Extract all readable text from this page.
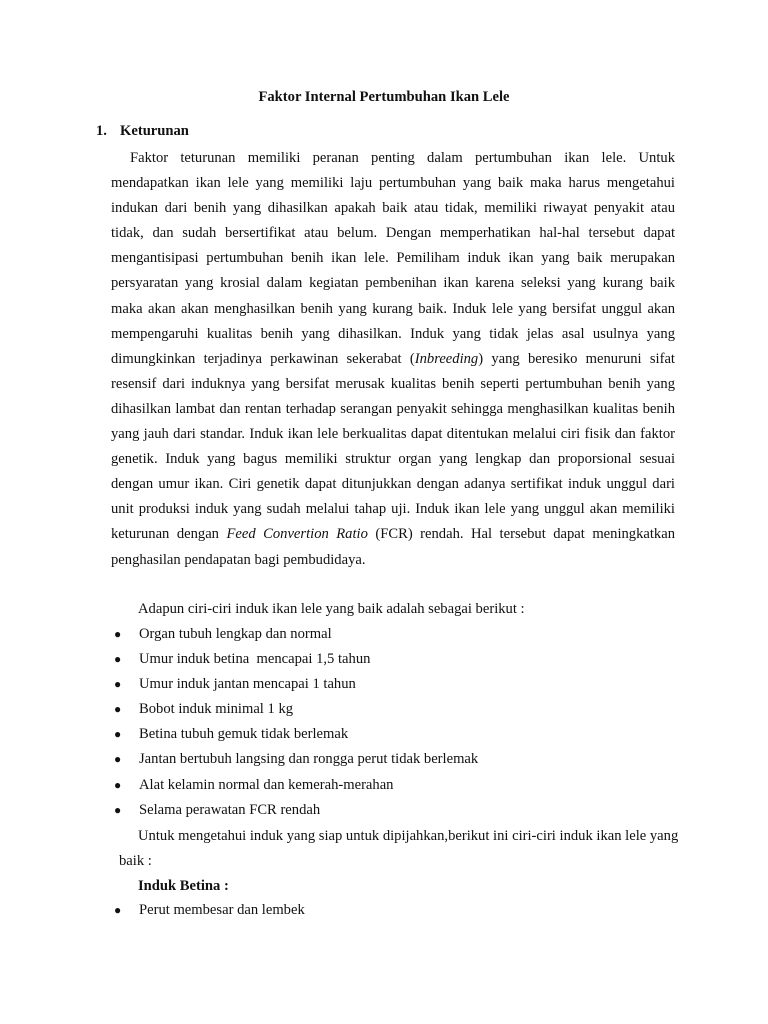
Faktor Internal Pertumbuhan Ikan Lele
1. Keturunan

Faktor teturunan memiliki peranan penting dalam pertumbuhan ikan lele. Untuk mendapatkan ikan lele yang memiliki laju pertumbuhan yang baik maka harus mengetahui indukan dari benih yang dihasilkan apakah baik atau tidak, memiliki riwayat penyakit atau tidak, dan sudah bersertifikat atau belum. Dengan memperhatikan hal-hal tersebut dapat mengantisipasi pertumbuhan benih ikan lele. Pemiliham induk ikan yang baik merupakan persyaratan yang krosial dalam kegiatan pembenihan ikan karena seleksi yang kurang baik maka akan akan menghasilkan benih yang kurang baik. Induk lele yang bersifat unggul akan mempengaruhi kualitas benih yang dihasilkan. Induk yang tidak jelas asal usulnya yang dimungkinkan terjadinya perkawinan sekerabat (Inbreeding) yang beresiko menuruni sifat resensif dari induknya yang bersifat merusak kualitas benih seperti pertumbuhan benih yang dihasilkan lambat dan rentan terhadap serangan penyakit sehingga menghasilkan kualitas benih yang jauh dari standar. Induk ikan lele berkualitas dapat ditentukan melalui ciri fisik dan faktor genetik. Induk yang bagus memiliki struktur organ yang lengkap dan proporsional sesuai dengan umur ikan. Ciri genetik dapat ditunjukkan dengan adanya sertifikat induk unggul dari unit produksi induk yang sudah melalui tahap uji. Induk ikan lele yang unggul akan memiliki keturunan dengan Feed Convertion Ratio (FCR) rendah. Hal tersebut dapat meningkatkan penghasilan pendapatan bagi pembudidaya.

Adapun ciri-ciri induk ikan lele yang baik adalah sebagai berikut :

● Organ tubuh lengkap dan normal
● Umur induk betina  mencapai 1,5 tahun
● Umur induk jantan mencapai 1 tahun
● Bobot induk minimal 1 kg
● Betina tubuh gemuk tidak berlemak
● Jantan bertubuh langsing dan rongga perut tidak berlemak
● Alat kelamin normal dan kemerah-merahan
● Selama perawatan FCR rendah

Untuk mengetahui induk yang siap untuk dipijahkan,berikut ini ciri-ciri induk ikan lele yang baik :

Induk Betina :
● Perut membesar dan lembek
